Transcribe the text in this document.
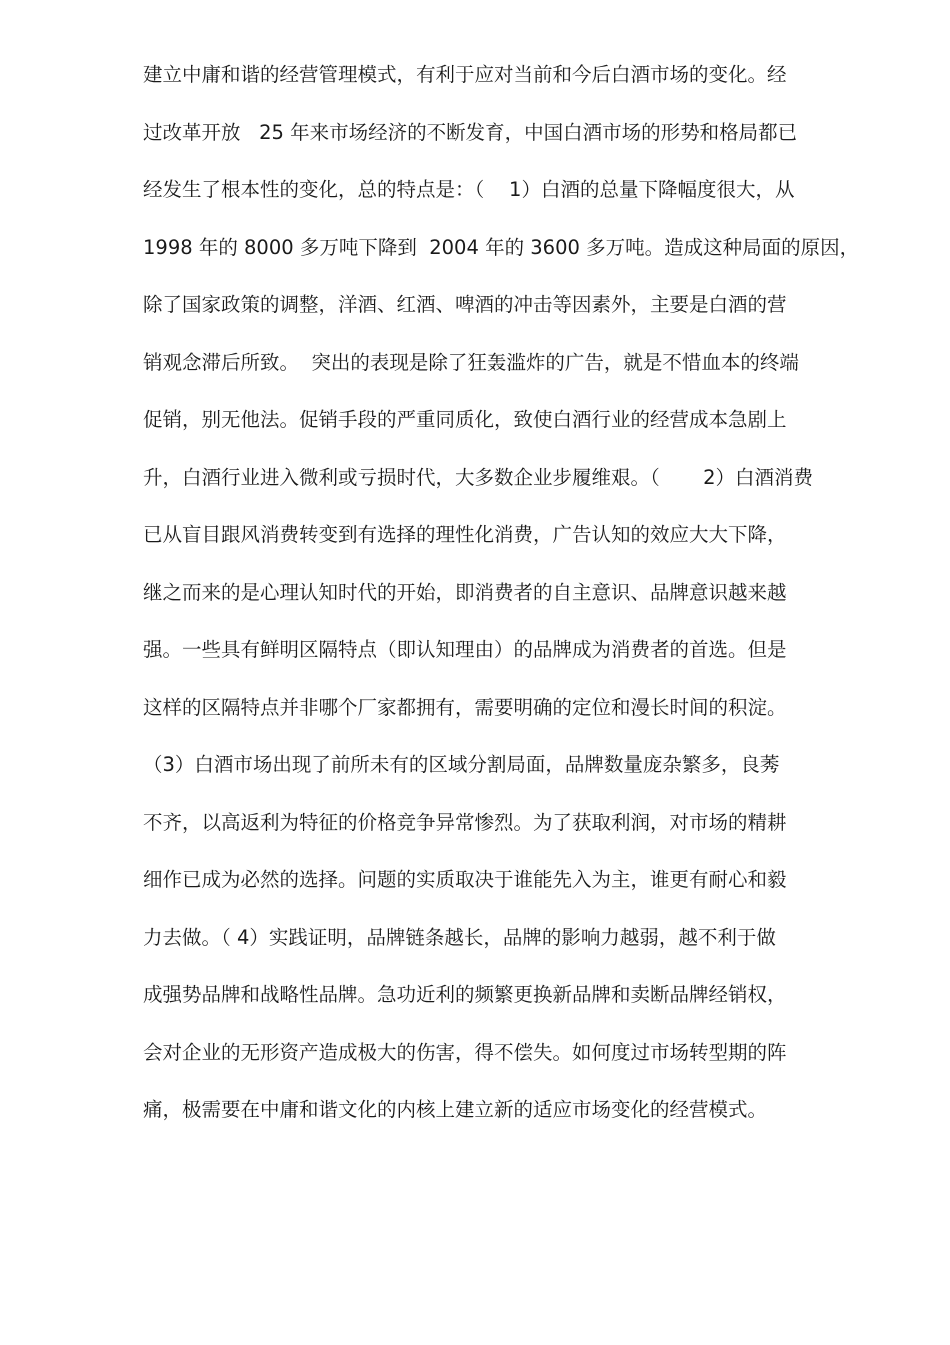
建立中庸和谐的经营管理模式，有利于应对当前和今后白酒市场的变化。经
过改革开放   25 年来市场经济的不断发育，中国白酒市场的形势和格局都已
经发生了根本性的变化，总的特点是：（    1）白酒的总量下降幅度很大，从
1998 年的 8000 多万吨下降到  2004 年的 3600 多万吨。造成这种局面的原因，
除了国家政策的调整，洋酒、红酒、啤酒的冲击等因素外，主要是白酒的营
销观念滞后所致。  突出的表现是除了狂轰滥炸的广告，就是不惜血本的终端
促销，别无他法。促销手段的严重同质化，致使白酒行业的经营成本急剧上
升，白酒行业进入微利或亏损时代，大多数企业步履维艰。（       2）白酒消费
已从盲目跟风消费转变到有选择的理性化消费，广告认知的效应大大下降，
继之而来的是心理认知时代的开始，即消费者的自主意识、品牌意识越来越
强。一些具有鲜明区隔特点（即认知理由）的品牌成为消费者的首选。但是
这样的区隔特点并非哪个厂家都拥有，需要明确的定位和漫长时间的积淀。
（3）白酒市场出现了前所未有的区域分割局面，品牌数量庞杂繁多，良莠
不齐，以高返利为特征的价格竞争异常惨烈。为了获取利润，对市场的精耕
细作已成为必然的选择。问题的实质取决于谁能先入为主，谁更有耐心和毅
力去做。（ 4）实践证明，品牌链条越长，品牌的影响力越弱，越不利于做
成强势品牌和战略性品牌。急功近利的频繁更换新品牌和卖断品牌经销权，
会对企业的无形资产造成极大的伤害，得不偿失。如何度过市场转型期的阵
痛，极需要在中庸和谐文化的内核上建立新的适应市场变化的经营模式。
